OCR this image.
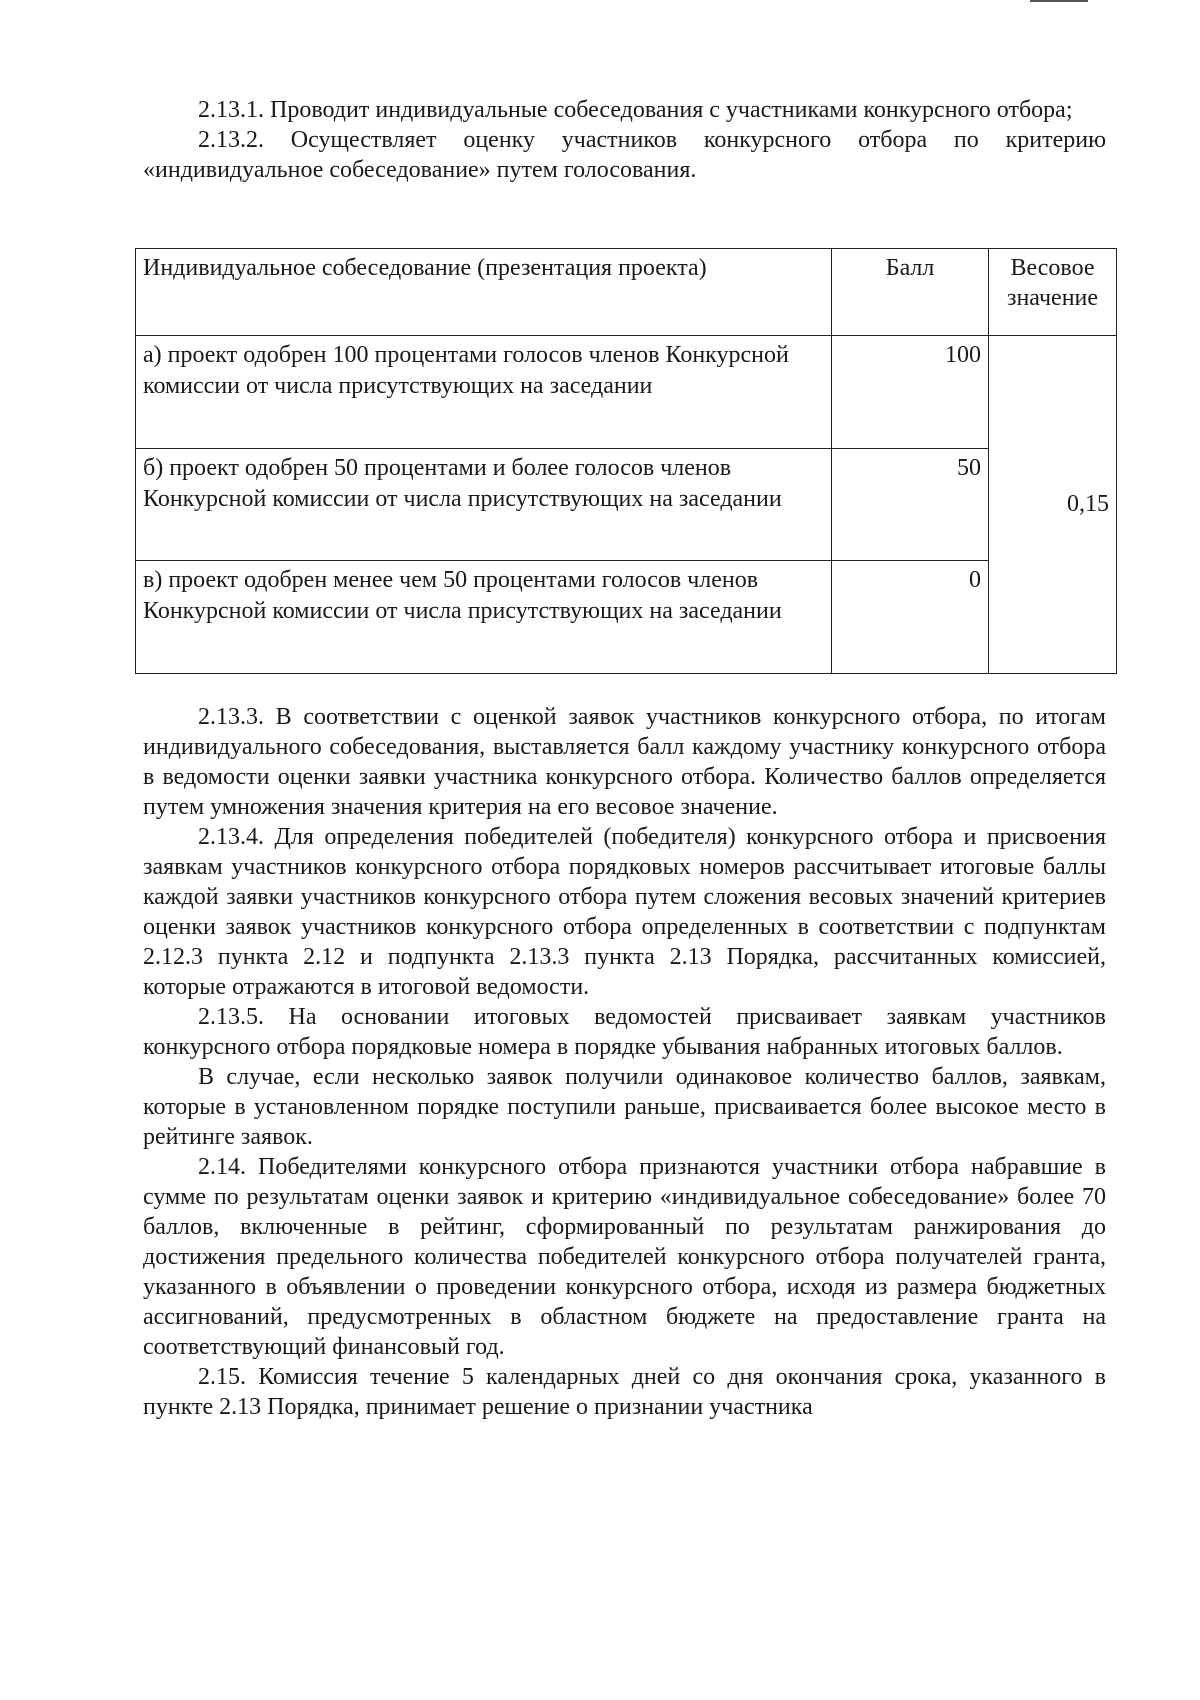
2.13.1. Проводит индивидуальные собеседования с участниками конкурсного отбора;

2.13.2. Осуществляет оценку участников конкурсного отбора по критерию «индивидуальное собеседование» путем голосования.

Индивидуальное собеседование (презентация проекта)	Балл	Весовое значение
а) проект одобрен 100 процентами голосов членов Конкурсной комиссии от числа присутствующих на заседании	100	0,15
б) проект одобрен 50 процентами и более голосов членов Конкурсной комиссии от числа присутствующих на заседании	50	
в) проект одобрен менее чем 50 процентами голосов членов Конкурсной комиссии от числа присутствующих на заседании	0	

2.13.3. В соответствии с оценкой заявок участников конкурсного отбора, по итогам индивидуального собеседования, выставляется балл каждому участнику конкурсного отбора в ведомости оценки заявки участника конкурсного отбора. Количество баллов определяется путем умножения значения критерия на его весовое значение.

2.13.4. Для определения победителей (победителя) конкурсного отбора и присвоения заявкам участников конкурсного отбора порядковых номеров рассчитывает итоговые баллы каждой заявки участников конкурсного отбора путем сложения весовых значений критериев оценки заявок участников конкурсного отбора определенных в соответствии с подпунктам 2.12.3 пункта 2.12 и подпункта 2.13.3 пункта 2.13 Порядка, рассчитанных комиссией, которые отражаются в итоговой ведомости.

2.13.5. На основании итоговых ведомостей присваивает заявкам участников конкурсного отбора порядковые номера в порядке убывания набранных итоговых баллов.

В случае, если несколько заявок получили одинаковое количество баллов, заявкам, которые в установленном порядке поступили раньше, присваивается более высокое место в рейтинге заявок.

2.14. Победителями конкурсного отбора признаются участники отбора набравшие в сумме по результатам оценки заявок и критерию «индивидуальное собеседование» более 70 баллов, включенные в рейтинг, сформированный по результатам ранжирования до достижения предельного количества победителей конкурсного отбора получателей гранта, указанного в объявлении о проведении конкурсного отбора, исходя из размера бюджетных ассигнований, предусмотренных в областном бюджете на предоставление гранта на соответствующий финансовый год.

2.15. Комиссия течение 5 календарных дней со дня окончания срока, указанного в пункте 2.13 Порядка, принимает решение о признании участника
